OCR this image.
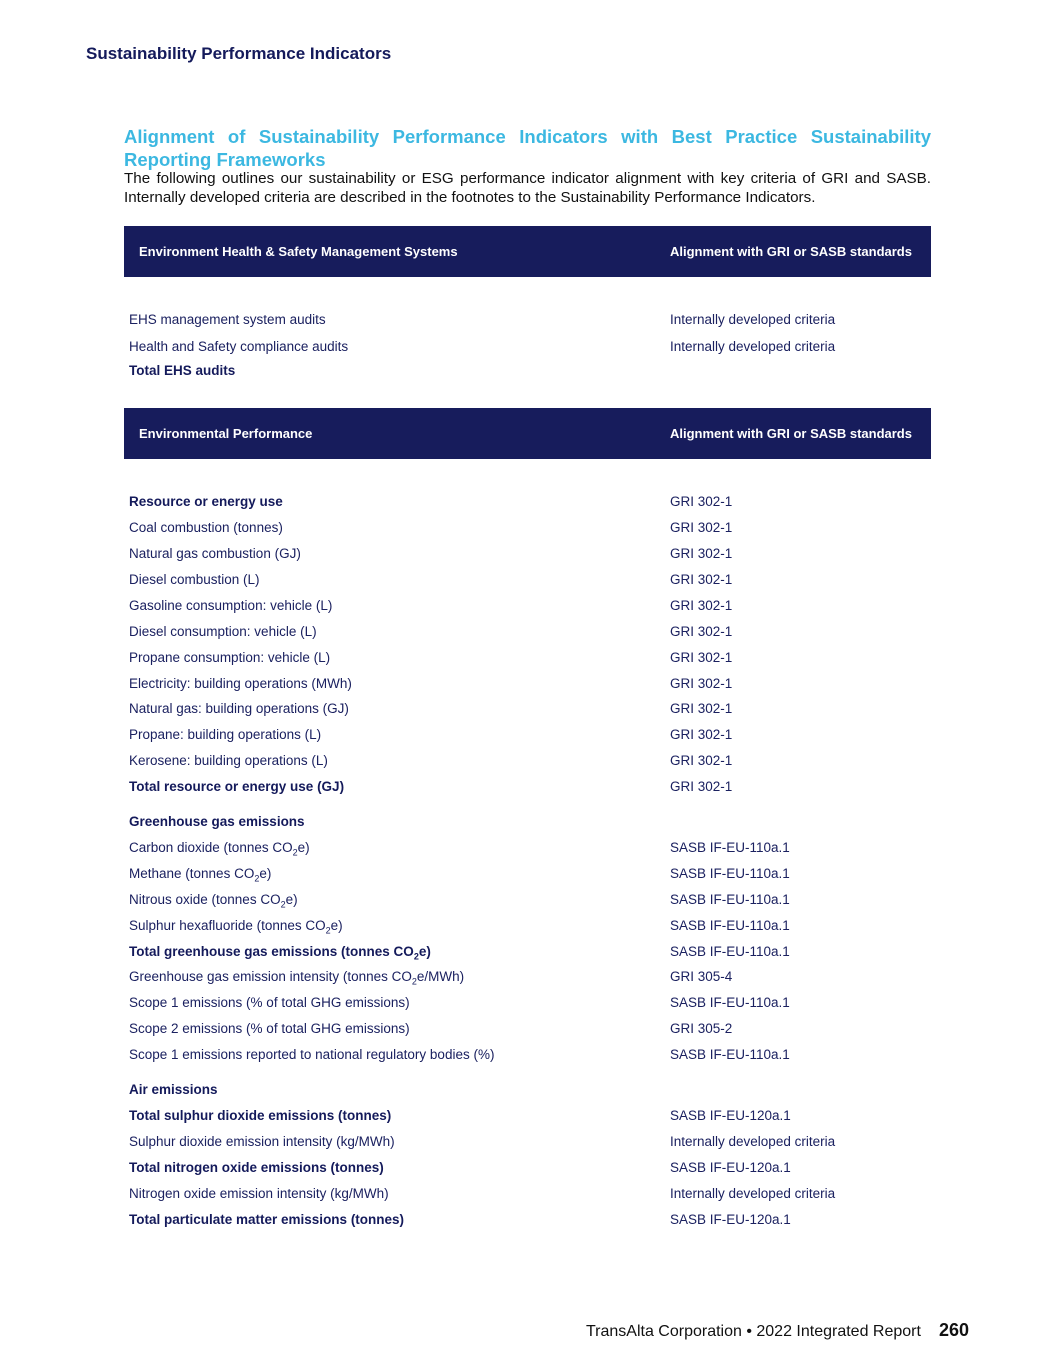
Sustainability Performance Indicators
Alignment of Sustainability Performance Indicators with Best Practice Sustainability Reporting Frameworks
The following outlines our sustainability or ESG performance indicator alignment with key criteria of GRI and SASB. Internally developed criteria are described in the footnotes to the Sustainability Performance Indicators.
Environment Health & Safety Management Systems	Alignment with GRI or SASB standards
EHS management system audits	Internally developed criteria
Health and Safety compliance audits	Internally developed criteria
Total EHS audits
Environmental Performance	Alignment with GRI or SASB standards
Resource or energy use	GRI 302-1
Coal combustion (tonnes)	GRI 302-1
Natural gas combustion (GJ)	GRI 302-1
Diesel combustion (L)	GRI 302-1
Gasoline consumption: vehicle (L)	GRI 302-1
Diesel consumption: vehicle (L)	GRI 302-1
Propane consumption: vehicle (L)	GRI 302-1
Electricity: building operations (MWh)	GRI 302-1
Natural gas: building operations (GJ)	GRI 302-1
Propane: building operations (L)	GRI 302-1
Kerosene: building operations (L)	GRI 302-1
Total resource or energy use (GJ)	GRI 302-1
Greenhouse gas emissions
Carbon dioxide (tonnes $CO_2e$)	SASB IF-EU-110a.1
Methane (tonnes $CO_2e$)	SASB IF-EU-110a.1
Nitrous oxide (tonnes $CO_2e$)	SASB IF-EU-110a.1
Sulphur hexafluoride (tonnes $CO_2e$)	SASB IF-EU-110a.1
Total greenhouse gas emissions (tonnes $CO_2e$)	SASB IF-EU-110a.1
Greenhouse gas emission intensity (tonnes $CO_2e/MWh$)	GRI 305-4
Scope 1 emissions (% of total GHG emissions)	SASB IF-EU-110a.1
Scope 2 emissions (% of total GHG emissions)	GRI 305-2
Scope 1 emissions reported to national regulatory bodies (%)	SASB IF-EU-110a.1
Air emissions
Total sulphur dioxide emissions (tonnes)	SASB IF-EU-120a.1
Sulphur dioxide emission intensity (kg/MWh)	Internally developed criteria
Total nitrogen oxide emissions (tonnes)	SASB IF-EU-120a.1
Nitrogen oxide emission intensity (kg/MWh)	Internally developed criteria
Total particulate matter emissions (tonnes)	SASB IF-EU-120a.1
TransAlta Corporation • 2022 Integrated Report 260
